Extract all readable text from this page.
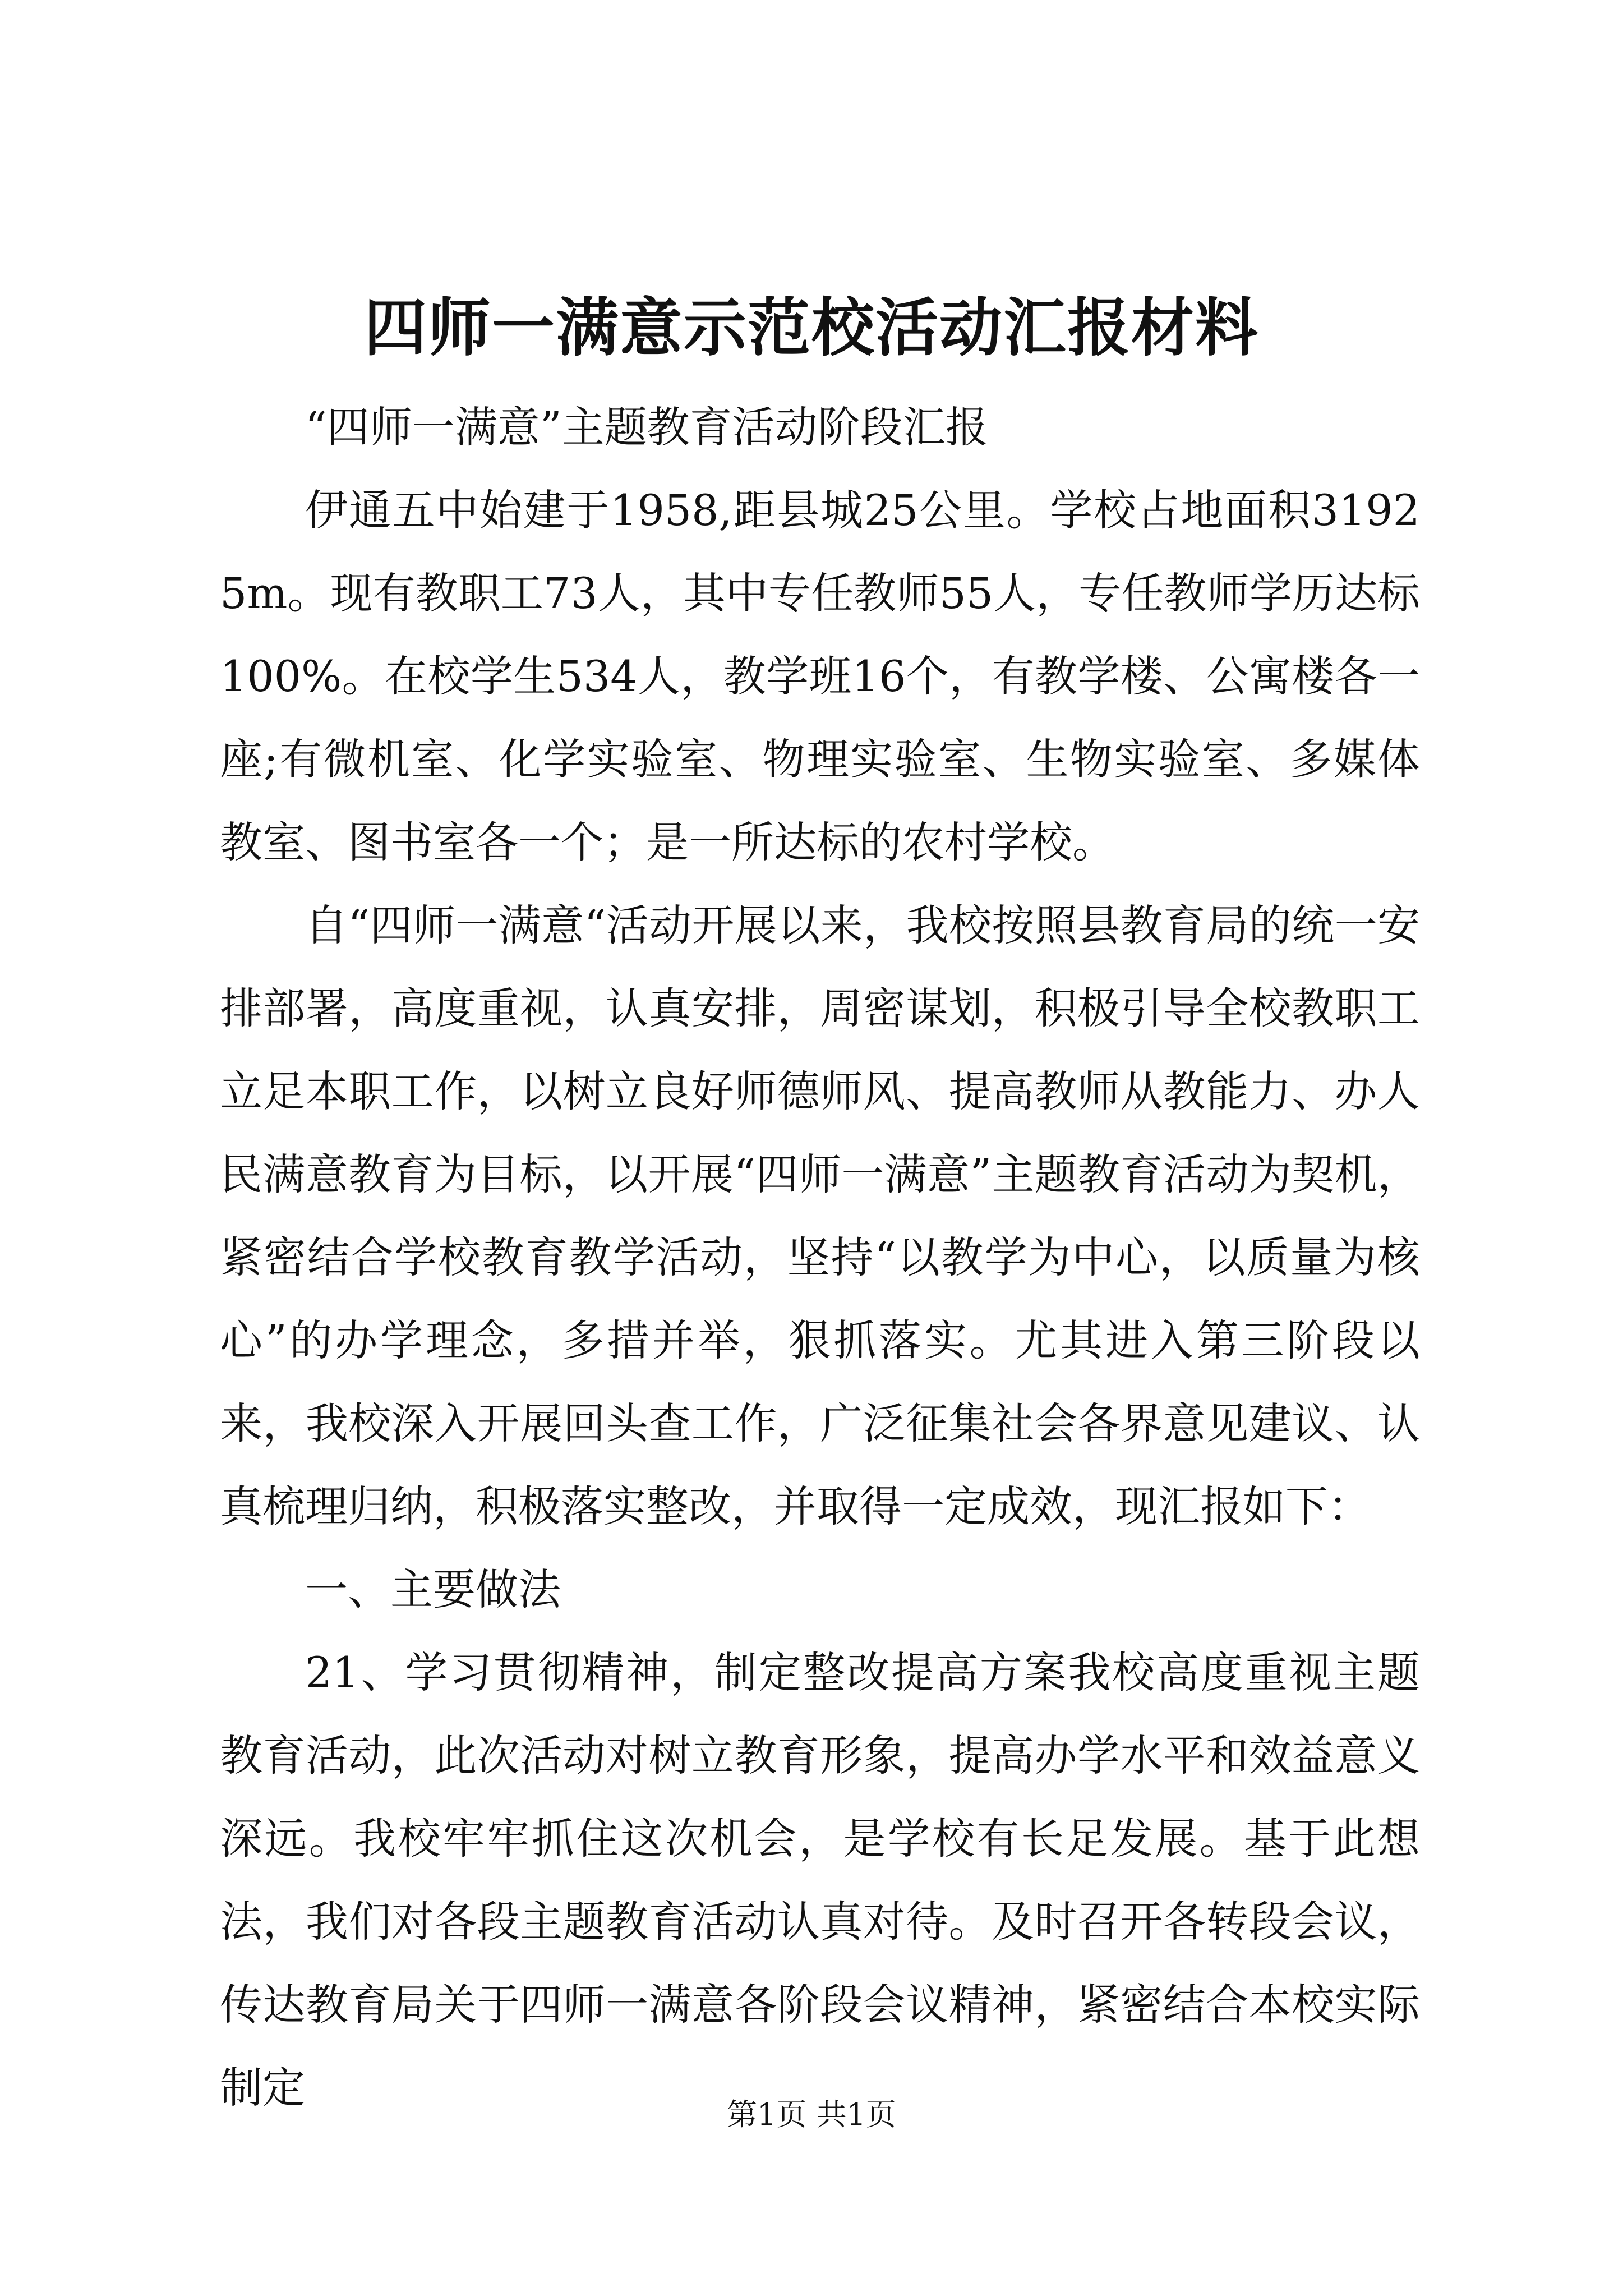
四师一满意示范校活动汇报材料

“四师一满意”主题教育活动阶段汇报

伊通五中始建于1958,距县城25公里。学校占地面积31925m。现有教职工73人，其中专任教师55人，专任教师学历达标100%。在校学生534人，教学班16个，有教学楼、公寓楼各一座;有微机室、化学实验室、物理实验室、生物实验室、多媒体教室、图书室各一个；是一所达标的农村学校。

自“四师一满意“活动开展以来，我校按照县教育局的统一安排部署，高度重视，认真安排，周密谋划，积极引导全校教职工立足本职工作，以树立良好师德师风、提高教师从教能力、办人民满意教育为目标，以开展“四师一满意”主题教育活动为契机，紧密结合学校教育教学活动，坚持“以教学为中心，以质量为核心”的办学理念，多措并举，狠抓落实。尤其进入第三阶段以来，我校深入开展回头查工作，广泛征集社会各界意见建议、认真梳理归纳，积极落实整改，并取得一定成效，现汇报如下：

一、主要做法

21、学习贯彻精神，制定整改提高方案我校高度重视主题教育活动，此次活动对树立教育形象，提高办学水平和效益意义深远。我校牢牢抓住这次机会，是学校有长足发展。基于此想法，我们对各段主题教育活动认真对待。及时召开各转段会议，传达教育局关于四师一满意各阶段会议精神，紧密结合本校实际制定

第1页 共1页
